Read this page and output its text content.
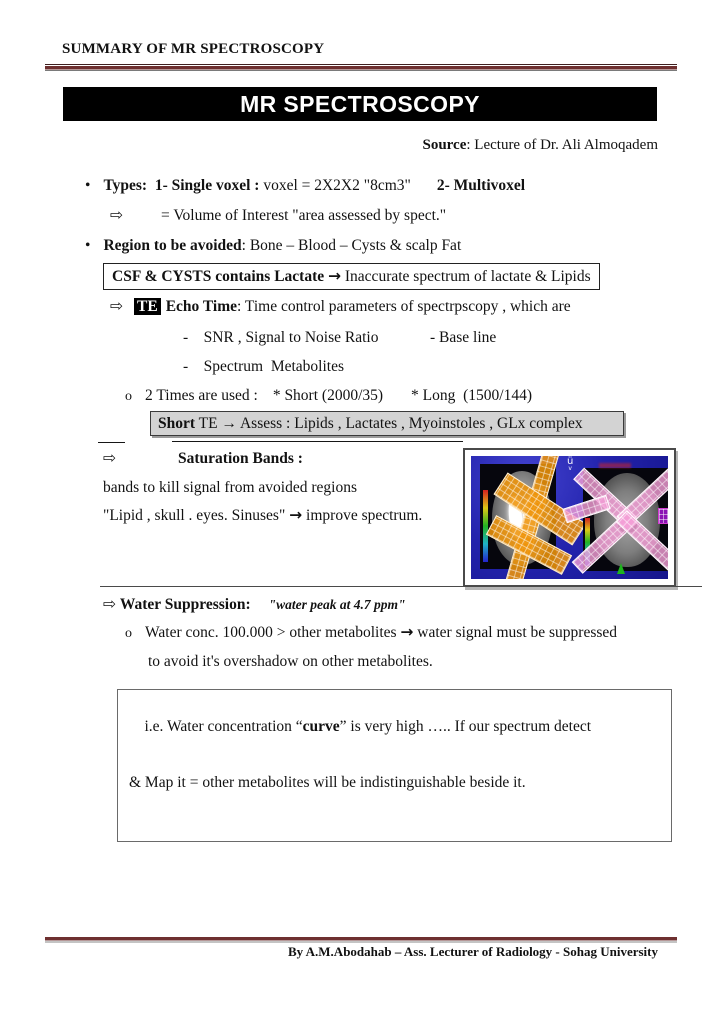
SUMMARY OF MR SPECTROSCOPY

MR SPECTROSCOPY

Source: Lecture of Dr. Ali Almoqadem

• Types:  1- Single voxel : voxel = 2X2X2 "8cm3" 2- Multivoxel

⇨ = Volume of Interest "area assessed by spect."

• Region to be avoided: Bone – Blood – Cysts & scalp Fat

CSF & CYSTS contains Lactate → Inaccurate spectrum of lactate & Lipids

⇨ TE Echo Time: Time control parameters of spectrpscopy , which are

-    SNR , Signal to Noise Ratio

	- Base line

-    Spectrum  Metabolites

o 2 Times are used : * Short (2000/35) * Long  (1500/144)

Short TE → Assess : Lipids , Lactates , Myoinstoles , GLx complex

⇨	Saturation Bands :

bands to kill signal from avoided regions

"Lipid , skull . eyes. Sinuses" → improve spectrum.

ü
v

⇨ Water Suppression: "water peak at 4.7 ppm"

o Water conc. 100.000 > other metabolites → water signal must be suppressed

to avoid it's overshadow on other metabolites.

i.e. Water concentration “curve” is very high ….. If our spectrum detect

& Map it = other metabolites will be indistinguishable beside it.

By A.M.Abodahab – Ass. Lecturer of Radiology - Sohag University
